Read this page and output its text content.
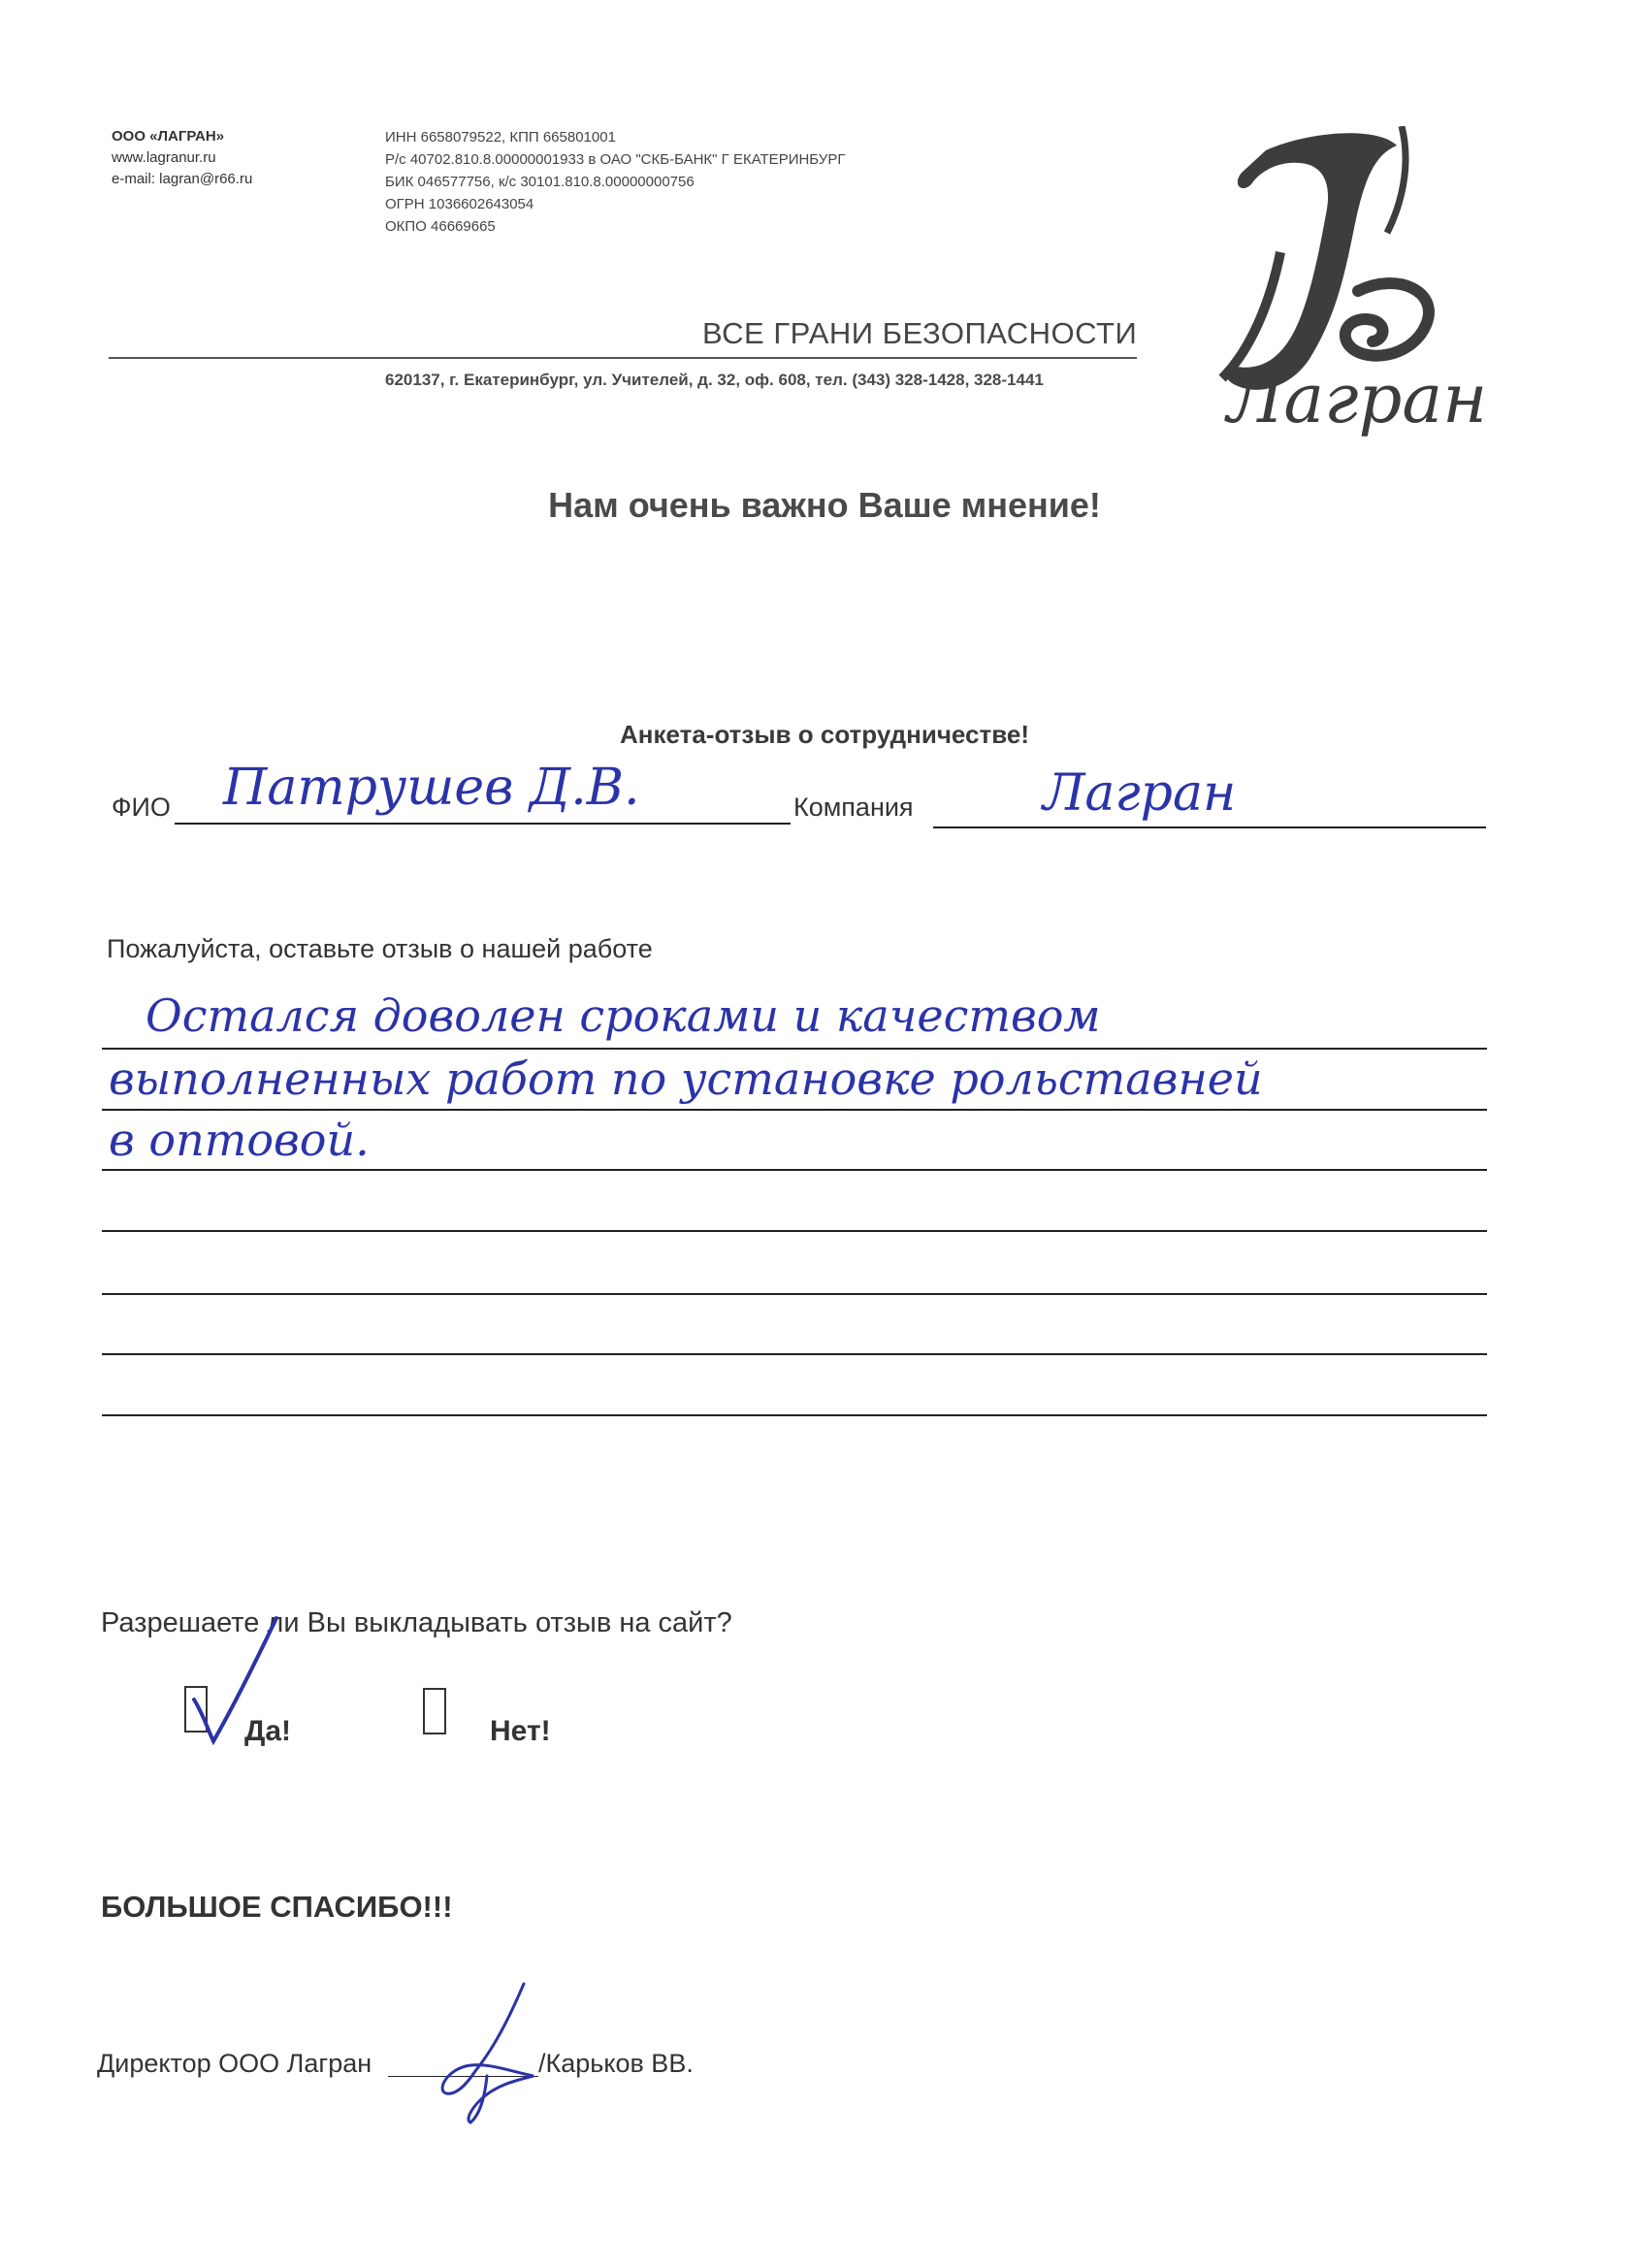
ООО «ЛАГРАН»
www.lagranur.ru
e-mail: lagran@r66.ru
ИНН 6658079522, КПП 665801001
Р/с 40702.810.8.00000001933 в ОАО "СКБ-БАНК" Г ЕКАТЕРИНБУРГ
БИК 046577756, к/с 30101.810.8.00000000756
ОГРН 1036602643054
ОКПО 46669665
ВСЕ ГРАНИ БЕЗОПАСНОСТИ
620137, г. Екатеринбург, ул. Учителей, д. 32, оф. 608, тел. (343) 328-1428, 328-1441	Лагран
Нам очень важно Ваше мнение!
Анкета-отзыв о сотрудничестве!
ФИО Патрушев Д.В.	Компания	Лагран
Пожалуйста, оставьте отзыв о нашей работе
Остался доволен сроками и качеством
выполненных работ по установке рольставней
в оптовой.
Разрешаете ли Вы выкладывать отзыв на сайт?
Да!	Нет!
БОЛЬШОЕ СПАСИБО!!!
Директор ООО Лагран	/Карьков ВВ.
